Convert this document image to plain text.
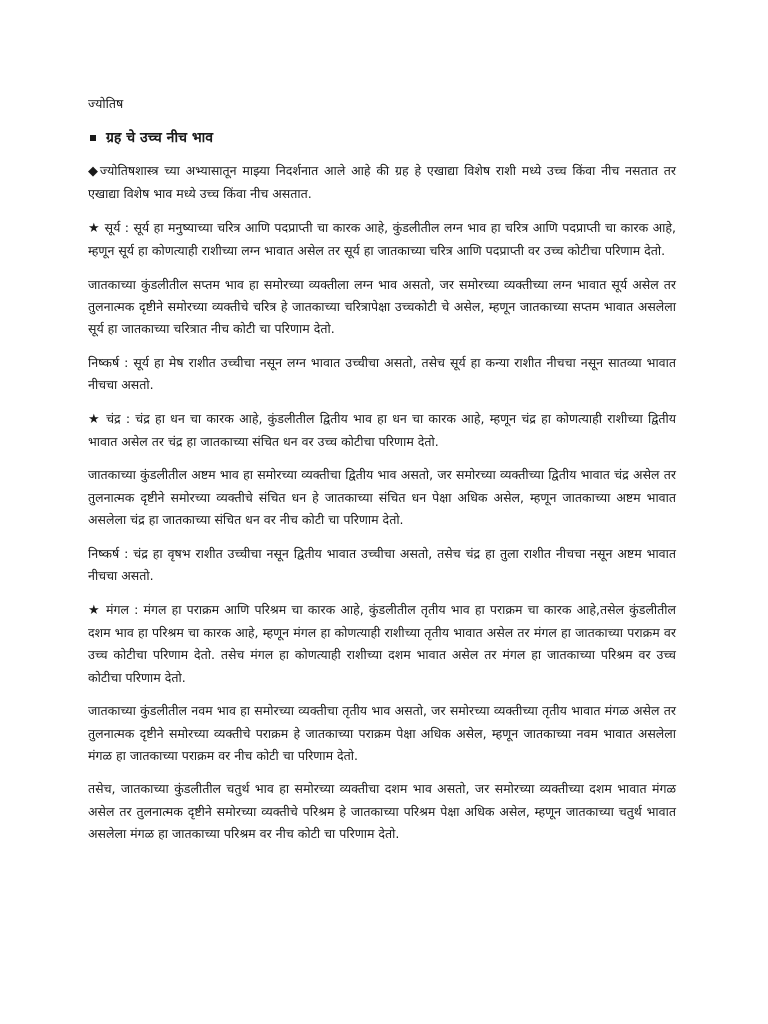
ज्योतिष
ग्रह चे उच्च नीच भाव

◆ज्योतिषशास्त्र च्या अभ्यासातून माझ्या निदर्शनात आले आहे की ग्रह हे एखाद्या विशेष राशी मध्ये उच्च किंवा नीच नसतात तर एखाद्या विशेष भाव मध्ये उच्च किंवा नीच असतात.

★ सूर्य : सूर्य हा मनुष्याच्या चरित्र आणि पदप्राप्ती चा कारक आहे, कुंडलीतील लग्न भाव हा चरित्र आणि पदप्राप्ती चा कारक आहे, म्हणून सूर्य हा कोणत्याही राशीच्या लग्न भावात असेल तर सूर्य हा जातकाच्या चरित्र आणि पदप्राप्ती वर उच्च कोटीचा परिणाम देतो.

जातकाच्या कुंडलीतील सप्तम भाव हा समोरच्या व्यक्तीला लग्न भाव असतो, जर समोरच्या व्यक्तीच्या लग्न भावात सूर्य असेल तर तुलनात्मक दृष्टीने समोरच्या व्यक्तीचे चरित्र हे जातकाच्या चरित्रापेक्षा उच्चकोटी चे असेल, म्हणून जातकाच्या सप्तम भावात असलेला सूर्य हा जातकाच्या चरित्रात नीच कोटी चा परिणाम देतो.

निष्कर्ष : सूर्य हा मेष राशीत उच्चीचा नसून लग्न भावात उच्चीचा असतो, तसेच सूर्य हा कन्या राशीत नीचचा नसून सातव्या भावात नीचचा असतो.

★ चंद्र : चंद्र हा धन चा कारक आहे, कुंडलीतील द्वितीय भाव हा धन चा कारक आहे, म्हणून चंद्र हा कोणत्याही राशीच्या द्वितीय भावात असेल तर चंद्र हा जातकाच्या संचित धन वर उच्च कोटीचा परिणाम देतो.

जातकाच्या कुंडलीतील अष्टम भाव हा समोरच्या व्यक्तीचा द्वितीय भाव असतो, जर समोरच्या व्यक्तीच्या द्वितीय भावात चंद्र असेल तर तुलनात्मक दृष्टीने समोरच्या व्यक्तीचे संचित धन हे जातकाच्या संचित धन पेक्षा अधिक असेल, म्हणून जातकाच्या अष्टम भावात असलेला चंद्र हा जातकाच्या संचित धन वर नीच कोटी चा परिणाम देतो.

निष्कर्ष : चंद्र हा वृषभ राशीत उच्चीचा नसून द्वितीय भावात उच्चीचा असतो, तसेच चंद्र हा तुला राशीत नीचचा नसून अष्टम भावात नीचचा असतो.

★ मंगल : मंगल हा पराक्रम आणि परिश्रम चा कारक आहे, कुंडलीतील तृतीय भाव हा पराक्रम चा कारक आहे,तसेल कुंडलीतील दशम भाव हा परिश्रम चा कारक आहे, म्हणून मंगल हा कोणत्याही राशीच्या तृतीय भावात असेल तर मंगल हा जातकाच्या पराक्रम वर उच्च कोटीचा परिणाम देतो. तसेच मंगल हा कोणत्याही राशीच्या दशम भावात असेल तर मंगल हा जातकाच्या परिश्रम वर उच्च कोटीचा परिणाम देतो.

जातकाच्या कुंडलीतील नवम भाव हा समोरच्या व्यक्तीचा तृतीय भाव असतो, जर समोरच्या व्यक्तीच्या तृतीय भावात मंगळ असेल तर तुलनात्मक दृष्टीने समोरच्या व्यक्तीचे पराक्रम हे जातकाच्या पराक्रम पेक्षा अधिक असेल, म्हणून जातकाच्या नवम भावात असलेला मंगळ हा जातकाच्या पराक्रम वर नीच कोटी चा परिणाम देतो.

तसेच, जातकाच्या कुंडलीतील चतुर्थ भाव हा समोरच्या व्यक्तीचा दशम भाव असतो, जर समोरच्या व्यक्तीच्या दशम भावात मंगळ असेल तर तुलनात्मक दृष्टीने समोरच्या व्यक्तीचे परिश्रम हे जातकाच्या परिश्रम पेक्षा अधिक असेल, म्हणून जातकाच्या चतुर्थ भावात असलेला मंगळ हा जातकाच्या परिश्रम वर नीच कोटी चा परिणाम देतो.
